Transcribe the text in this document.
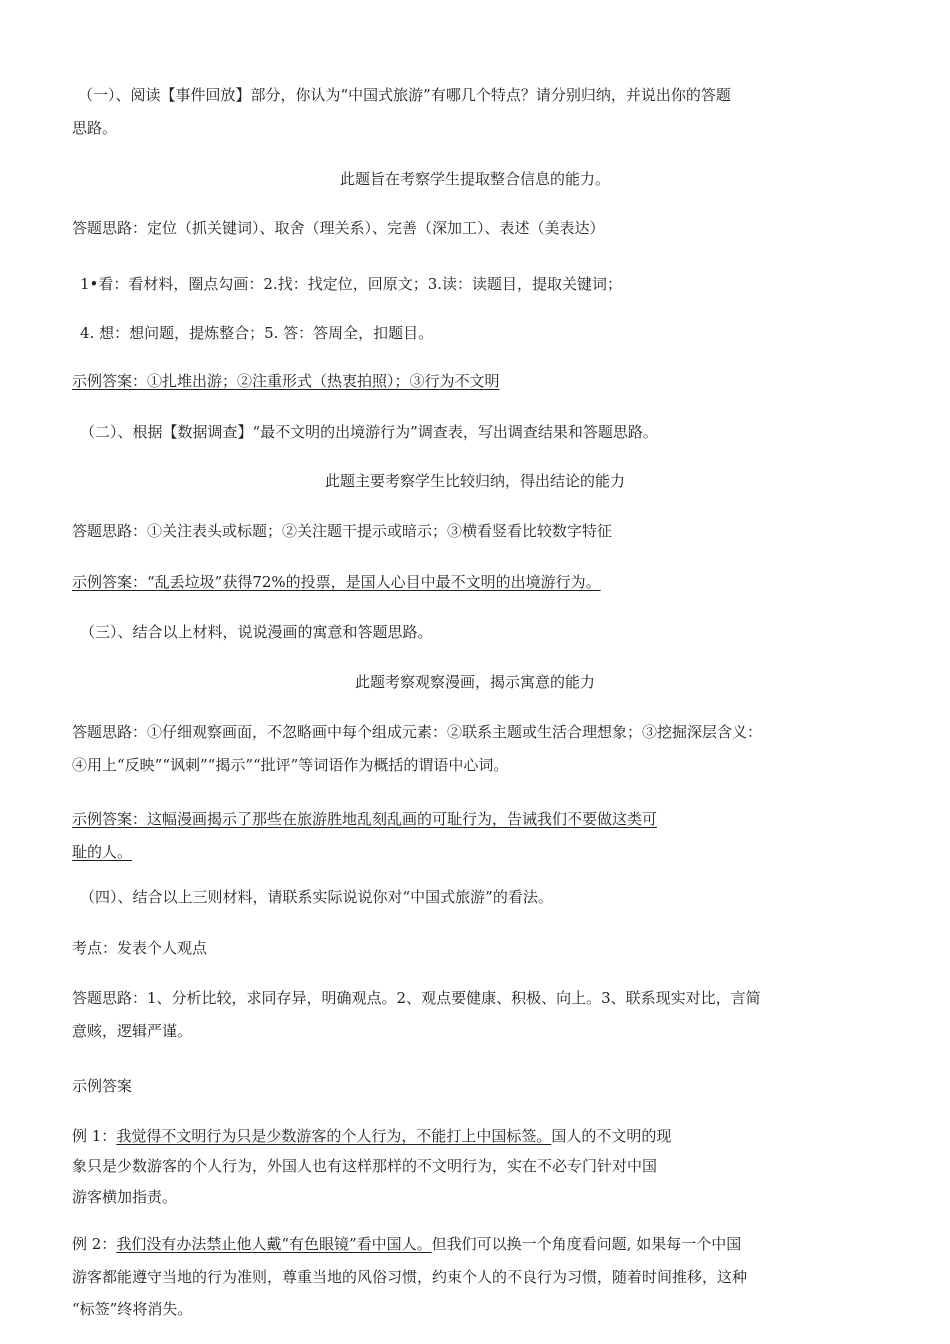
（一）、阅读【事件回放】部分，你认为“中国式旅游”有哪几个特点？请分别归纳，并说出你的答题
思路。
此题旨在考察学生提取整合信息的能力。
答题思路：定位（抓关键词）、取舍（理关系）、完善（深加工）、表述（美表达）
1•看：看材料，圈点勾画：2.找：找定位，回原文；3.读：读题目，提取关键词；
4. 想：想问题，提炼整合；5. 答：答周全，扣题目。
示例答案：①扎堆出游；②注重形式（热衷拍照）；③行为不文明
（二）、根据【数据调查】“最不文明的出境游行为”调查表，写出调查结果和答题思路。
此题主要考察学生比较归纳，得出结论的能力
答题思路：①关注表头或标题；②关注题干提示或暗示；③横看竖看比较数字特征
示例答案：“乱丢垃圾”获得72%的投票，是国人心目中最不文明的出境游行为。
（三）、结合以上材料，说说漫画的寓意和答题思路。
此题考察观察漫画，揭示寓意的能力
答题思路：①仔细观察画面，不忽略画中每个组成元素：②联系主题或生活合理想象；③挖掘深层含义：
④用上“反映”“讽刺”“揭示”“批评”等词语作为概括的谓语中心词。
示例答案：这幅漫画揭示了那些在旅游胜地乱刻乱画的可耻行为，告诫我们不要做这类可
耻的人。
（四）、结合以上三则材料，请联系实际说说你对“中国式旅游”的看法。
考点：发表个人观点
答题思路：1、分析比较，求同存异，明确观点。2、观点要健康、积极、向上。3、联系现实对比，言简
意赅，逻辑严谨。
示例答案
例 1：我觉得不文明行为只是少数游客的个人行为，不能打上中国标签。国人的不文明的现
象只是少数游客的个人行为，外国人也有这样那样的不文明行为，实在不必专门针对中国
游客横加指责。
例 2：我们没有办法禁止他人戴“有色眼镜”看中国人。但我们可以换一个角度看问题, 如果每一个中国
游客都能遵守当地的行为准则，尊重当地的风俗习惯，约束个人的不良行为习惯，随着时间推移，这种
“标签”终将消失。
